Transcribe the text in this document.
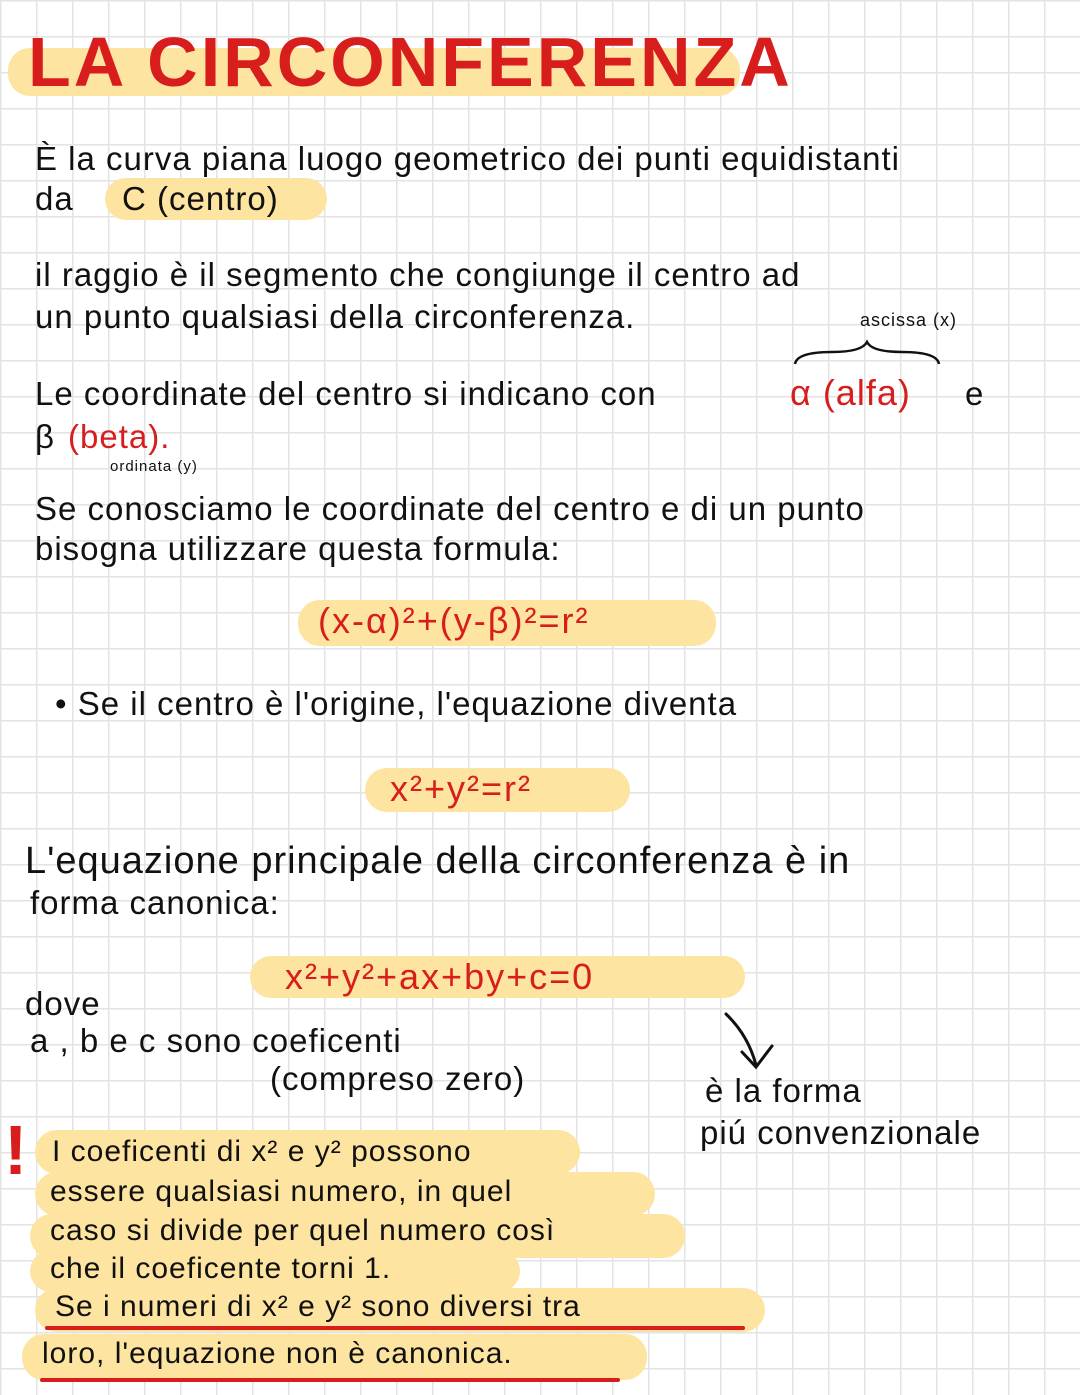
LA CIRCONFERENZA
È la curva piana luogo geometrico dei punti equidistanti
da C (centro)
il raggio è il segmento che congiunge il centro ad
un punto qualsiasi della circonferenza.	ascissa (x)
Le coordinate del centro si indicano con	α (alfa) e
β (beta).
ordinata (y)
Se conosciamo le coordinate del centro e di un punto
bisogna utilizzare questa formula:
(x-α)²+(y-β)²=r²
• Se il centro è l'origine, l'equazione diventa
x²+y²=r²
L'equazione principale della circonferenza è in
forma canonica:
x²+y²+ax+by+c=0
dove
a , b e c sono coeficenti
(compreso zero)	è la forma
piú convenzionale
! I coeficenti di x² e y² possono
essere qualsiasi numero, in quel
caso si divide per quel numero così
che il coeficente torni 1.
Se i numeri di x² e y² sono diversi tra
loro, l'equazione non è canonica.
